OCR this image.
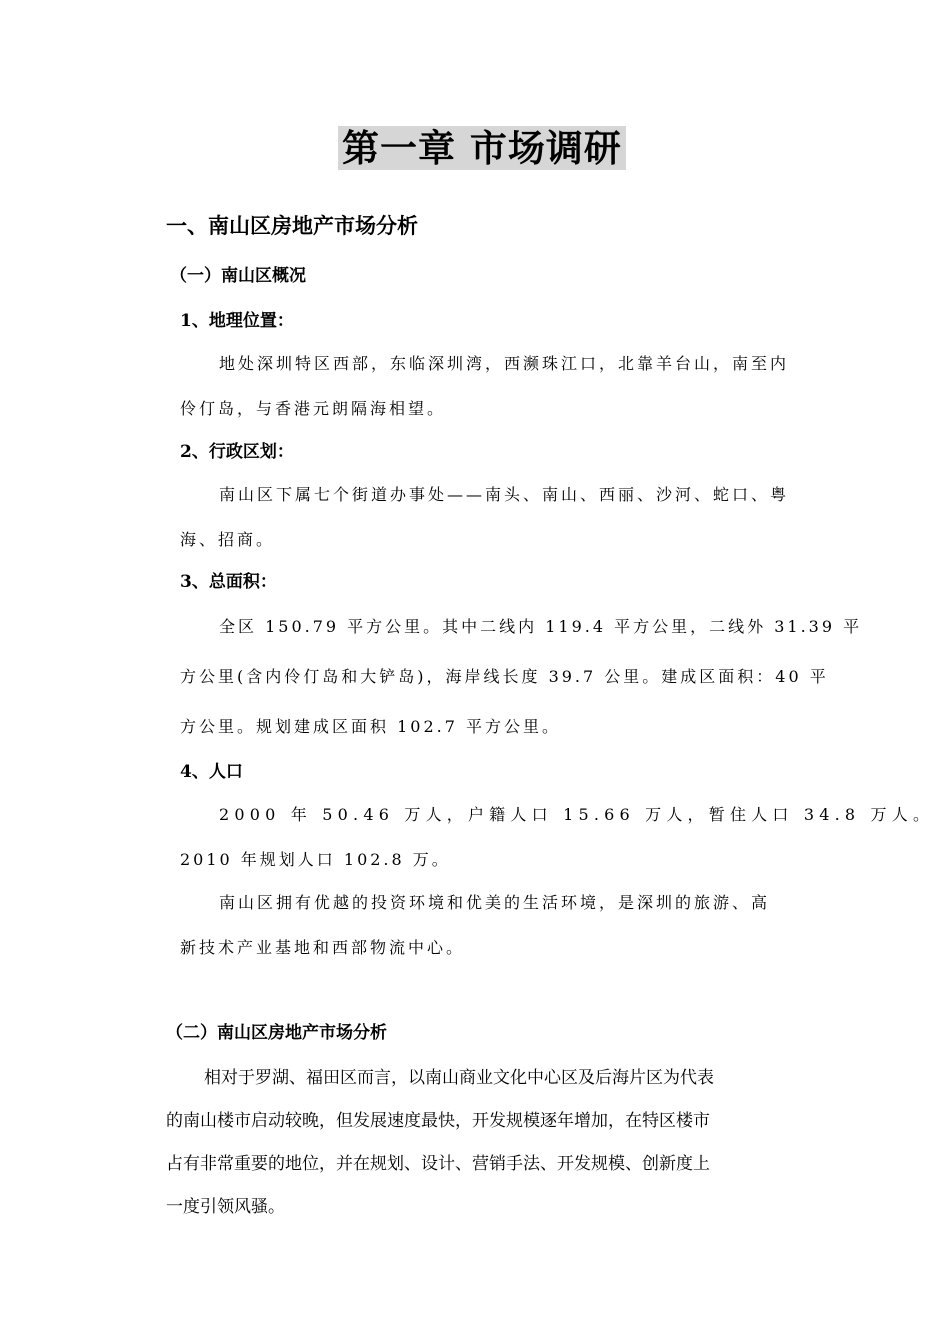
第一章 市场调研
一、南山区房地产市场分析
（一）南山区概况
1、地理位置：

地处深圳特区西部，东临深圳湾，西濒珠江口，北靠羊台山，南至内

伶仃岛，与香港元朗隔海相望。

2、行政区划：

南山区下属七个街道办事处——南头、南山、西丽、沙河、蛇口、粤

海、招商。

3、总面积：

全区 150.79 平方公里。其中二线内 119.4 平方公里，二线外 31.39 平

方公里(含内伶仃岛和大铲岛)，海岸线长度 39.7 公里。建成区面积：40 平

方公里。规划建成区面积 102.7 平方公里。

4、人口

2000 年 50.46 万人，户籍人口 15.66 万人，暂住人口 34.8 万人。

2010 年规划人口 102.8 万。

南山区拥有优越的投资环境和优美的生活环境，是深圳的旅游、高

新技术产业基地和西部物流中心。

（二）南山区房地产市场分析

相对于罗湖、福田区而言，以南山商业文化中心区及后海片区为代表

的南山楼市启动较晚，但发展速度最快，开发规模逐年增加，在特区楼市

占有非常重要的地位，并在规划、设计、营销手法、开发规模、创新度上

一度引领风骚。
